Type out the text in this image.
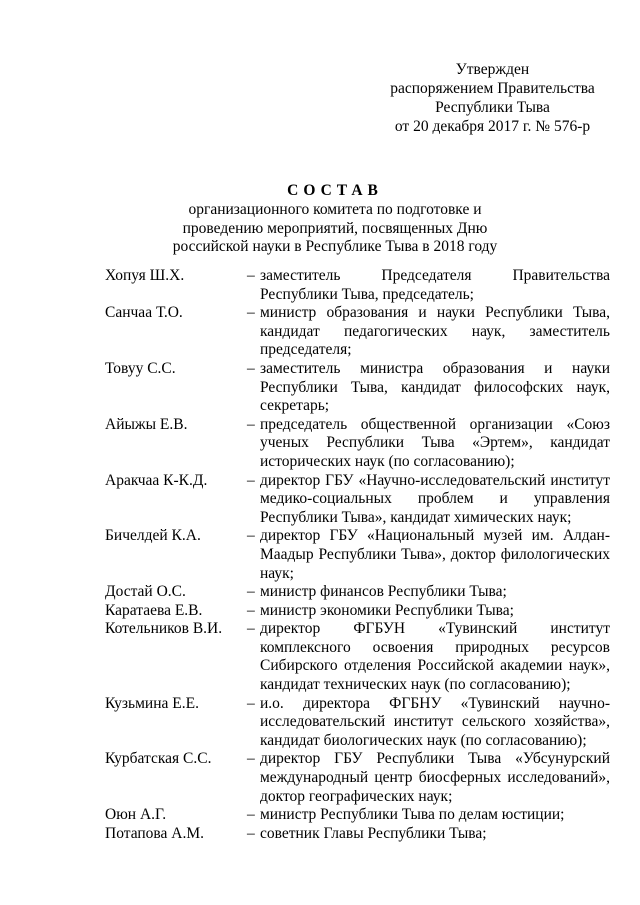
Утвержден
распоряжением Правительства
Республики Тыва
от 20 декабря 2017 г. № 576-р
СОСТАВ
организационного комитета по подготовке и
проведению мероприятий, посвященных Дню
российской науки в Республике Тыва в 2018 году
Хопуя Ш.Х.	– заместитель Председателя Правительства Республики Тыва, председатель;
Санчаа Т.О.	– министр образования и науки Республики Тыва, кандидат педагогических наук, заместитель председателя;
Товуу С.С.	– заместитель министра образования и науки Республики Тыва, кандидат философских наук, секретарь;
Айыжы Е.В.	– председатель общественной организации «Союз ученых Республики Тыва «Эртем», кандидат исторических наук (по согласованию);
Аракчаа К-К.Д.	– директор ГБУ «Научно-исследовательский институт медико-социальных проблем и управления Республики Тыва», кандидат химических наук;
Бичелдей К.А.	– директор ГБУ «Национальный музей им. Алдан-Маадыр Республики Тыва», доктор филологических наук;
Достай О.С.	– министр финансов Республики Тыва;
Каратаева Е.В.	– министр экономики Республики Тыва;
Котельников В.И.	– директор ФГБУН «Тувинский институт комплексного освоения природных ресурсов Сибирского отделения Российской академии наук», кандидат технических наук (по согласованию);
Кузьмина Е.Е.	– и.о. директора ФГБНУ «Тувинский научно-исследовательский институт сельского хозяйства», кандидат биологических наук (по согласованию);
Курбатская С.С.	– директор ГБУ Республики Тыва «Убсунурский международный центр биосферных исследований», доктор географических наук;
Оюн А.Г.	– министр Республики Тыва по делам юстиции;
Потапова А.М.	– советник Главы Республики Тыва;
